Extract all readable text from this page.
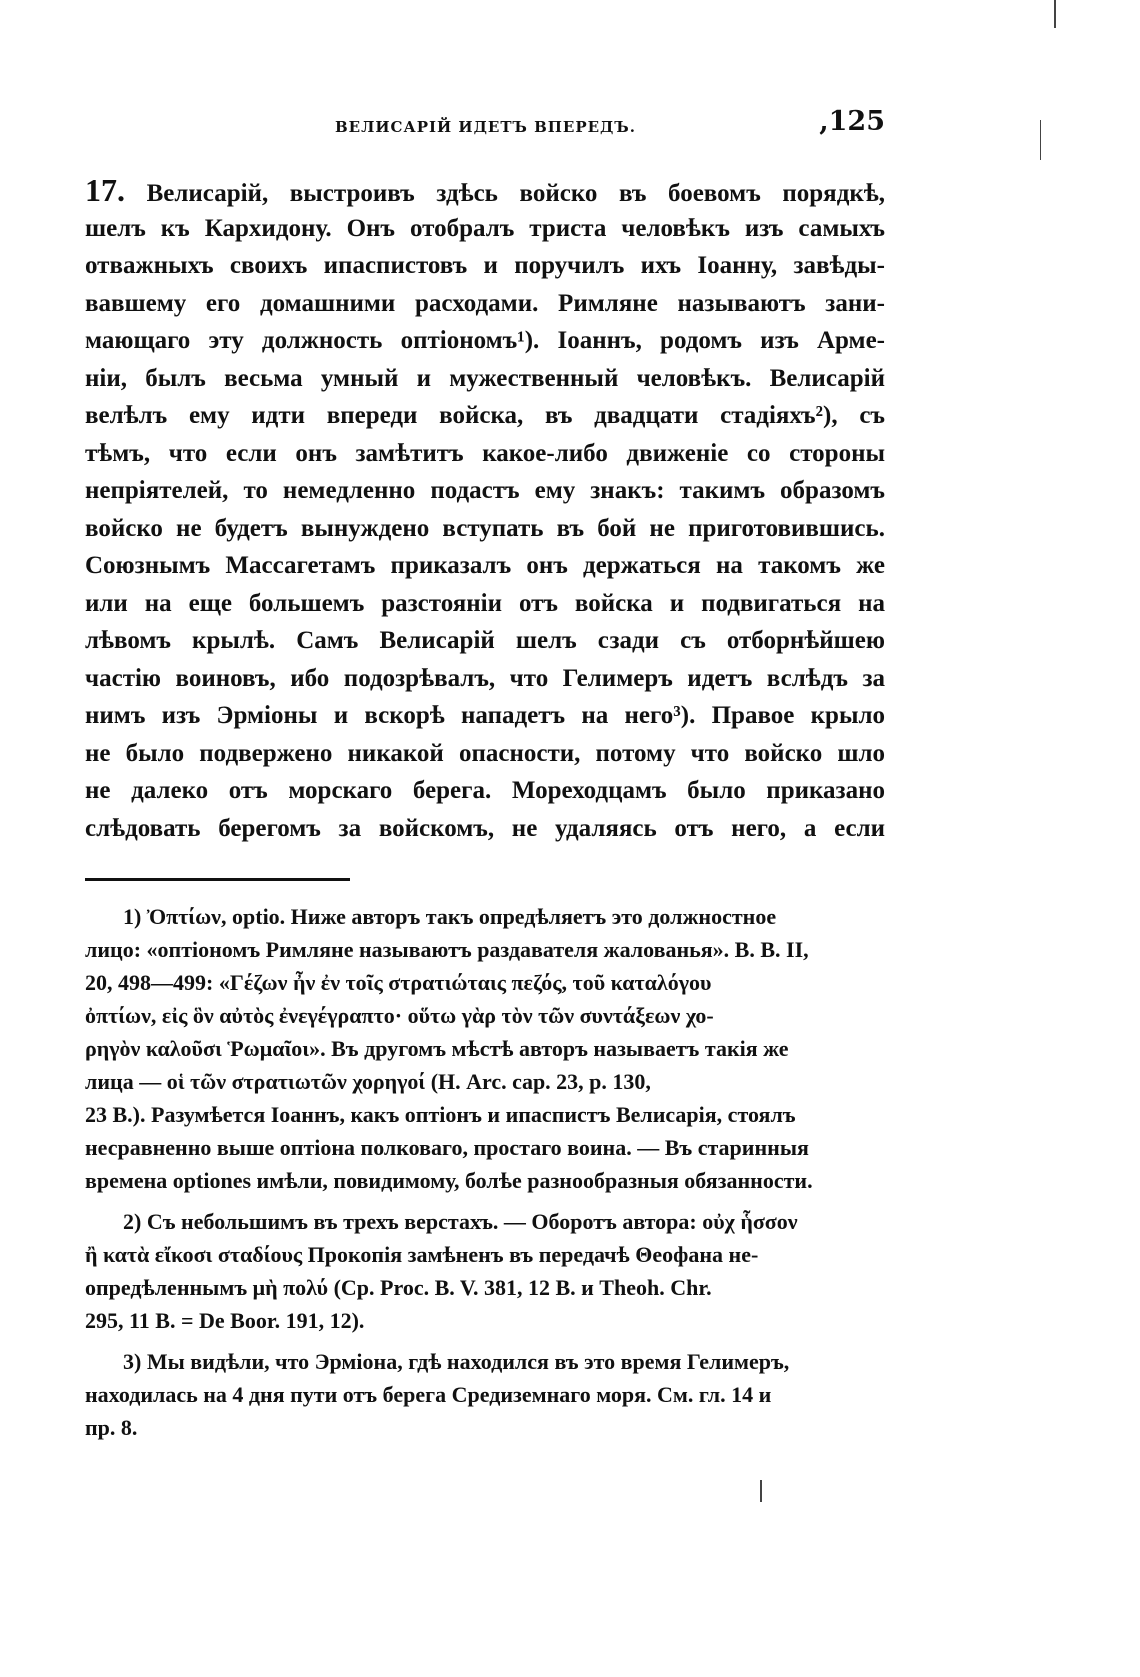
ВЕЛИСАРІЙ ИДЕТЪ ВПЕРЕДЪ.	,125
17. Велисарій, выстроивъ здѣсь войско въ боевомъ порядкѣ,
шелъ къ Кархидону. Онъ отобралъ триста человѣкъ изъ самыхъ
отважныхъ своихъ ипаспистовъ и поручилъ ихъ Іоанну, завѣды-
вавшему его домашними расходами. Римляне называютъ зани-
мающаго эту должность оптіономъ¹). Іоаннъ, родомъ изъ Арме-
ніи, былъ весьма умный и мужественный человѣкъ. Велисарій
велѣлъ ему идти впереди войска, въ двадцати стадіяхъ²), съ
тѣмъ, что если онъ замѣтитъ какое-либо движеніе со стороны
непріятелей, то немедленно подастъ ему знакъ: такимъ образомъ
войско не будетъ вынуждено вступать въ бой не приготовившись.
Союзнымъ Массагетамъ приказалъ онъ держаться на такомъ же
или на еще большемъ разстояніи отъ войска и подвигаться на
лѣвомъ крылѣ. Самъ Велисарій шелъ сзади съ отборнѣйшею
частію воиновъ, ибо подозрѣвалъ, что Гелимеръ идетъ вслѣдъ за
нимъ изъ Эрміоны и вскорѣ нападетъ на него³). Правое крыло
не было подвержено никакой опасности, потому что войско шло
не далеко отъ морскаго берега. Мореходцамъ было приказано
слѣдовать берегомъ за войскомъ, не удаляясь отъ него, а если
1) Ὀπτίων, optio. Ниже авторъ такъ опредѣляетъ это должностное
лицо: «оптіономъ Римляне называютъ раздавателя жалованья». В. В. II,
20, 498—499: «Γέζων ἦν ἐν τοῖς στρατιώταις πεζός, τοῦ καταλόγου
ὀπτίων, εἰς ὃν αὐτὸς ἐνεγέγραπτο· οὕτω γὰρ τὸν τῶν συντάξεων χο-
ρηγὸν καλοῦσι Ῥωμαῖοι». Въ другомъ мѣстѣ авторъ называетъ такія же
лица — οἱ τῶν στρατιωτῶν χορηγοί (Н. Arc. cap. 23, p. 130,
23 B.). Разумѣется Іоаннъ, какъ оптіонъ и ипаспистъ Велисарія, стоялъ
несравненно выше оптіона полковаго, простаго воина. — Въ старинныя
времена optiones имѣли, повидимому, болѣе разнообразныя обязанности.
2) Съ небольшимъ въ трехъ верстахъ. — Оборотъ автора: οὐχ ἧσσον
ἢ κατὰ εἴκοσι σταδίους Прокопія замѣненъ въ передачѣ Θеофана не-
опредѣленнымъ μὴ πολύ (Ср. Proc. B. V. 381, 12 B. и Theoh. Chr.
295, 11 B. = De Boor. 191, 12).
3) Мы видѣли, что Эрміона, гдѣ находился въ это время Гелимеръ,
находилась на 4 дня пути отъ берега Средиземнаго моря. См. гл. 14 и
пр. 8.
